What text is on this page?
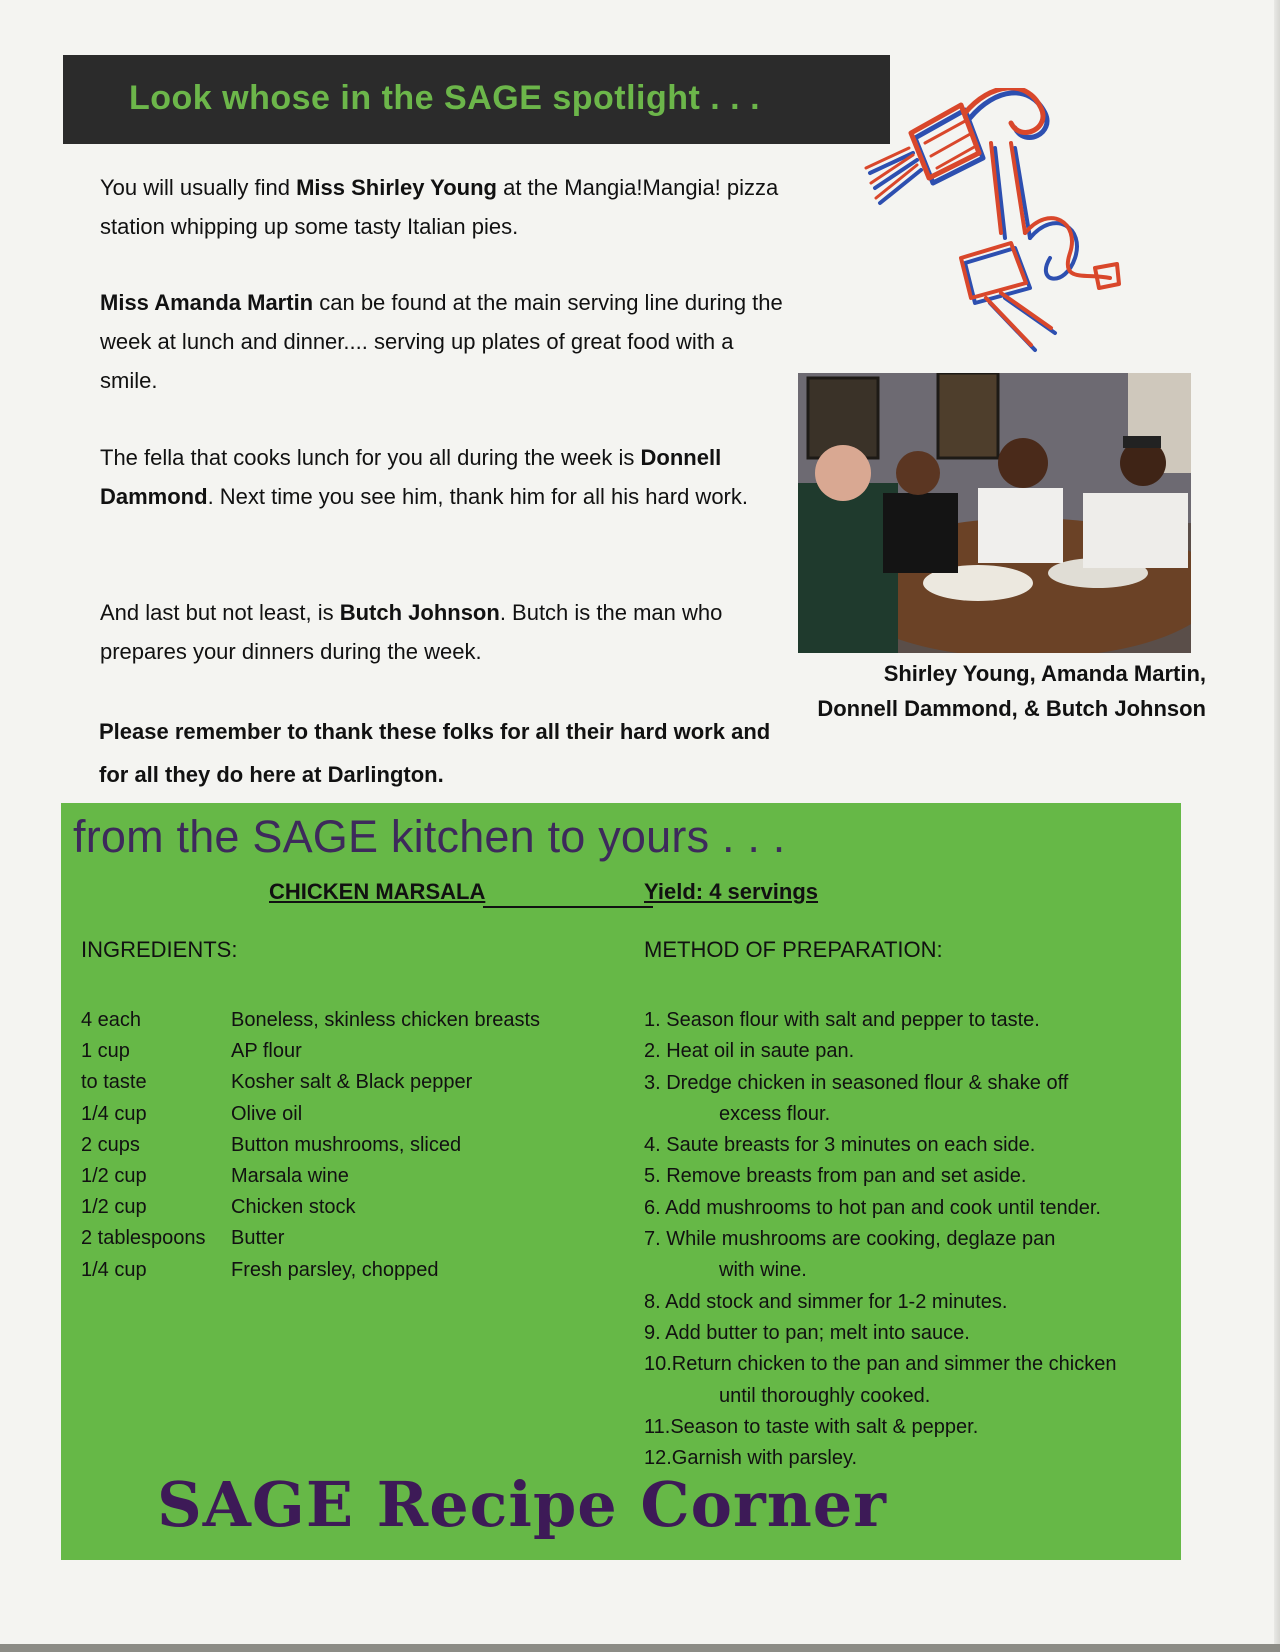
Look whose in the SAGE spotlight . . .
You will usually find Miss Shirley Young at the Mangia!Mangia! pizza station whipping up some tasty Italian pies.
Miss Amanda Martin can be found at the main serving line during the week at lunch and dinner.... serving up plates of great food with a smile.
The fella that cooks lunch for you all during the week is Donnell Dammond. Next time you see him, thank him for all his hard work.
And last but not least, is Butch Johnson. Butch is the man who prepares your dinners during the week.
Please remember to thank these folks for all their hard work and for all they do here at Darlington.
Shirley Young, Amanda Martin,
Donnell Dammond, & Butch Johnson
from the SAGE kitchen to yours . . .
CHICKEN MARSALA	Yield: 4 servings
INGREDIENTS:	METHOD OF PREPARATION:
4 each	Boneless, skinless chicken breasts
1 cup	AP flour
to taste	Kosher salt & Black pepper
1/4 cup	Olive oil
2 cups	Button mushrooms, sliced
1/2 cup	Marsala wine
1/2 cup	Chicken stock
2 tablespoons Butter
1/4 cup	Fresh parsley, chopped
1. Season flour with salt and pepper to taste.
2. Heat oil in saute pan.
3. Dredge chicken in seasoned flour & shake off
excess flour.
4. Saute breasts for 3 minutes on each side.
5. Remove breasts from pan and set aside.
6. Add mushrooms to hot pan and cook until tender.
7. While mushrooms are cooking, deglaze pan
with wine.
8. Add stock and simmer for 1-2 minutes.
9. Add butter to pan; melt into sauce.
10.Return chicken to the pan and simmer the chicken
until thoroughly cooked.
11.Season to taste with salt & pepper.
12.Garnish with parsley.
SAGE Recipe Corner
